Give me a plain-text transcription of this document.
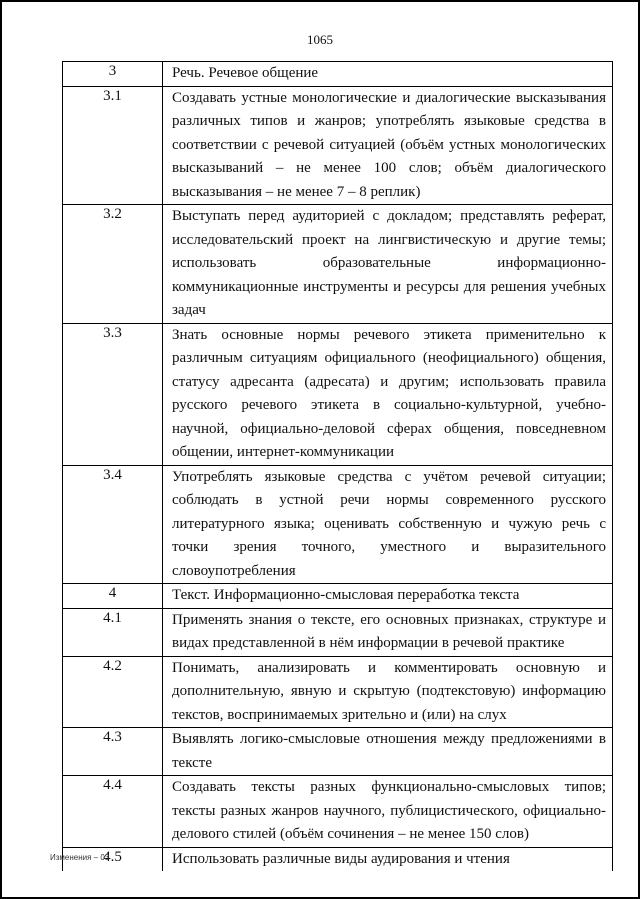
1065
3	Речь. Речевое общение
3.1	Создавать устные монологические и диалогические высказывания различных типов и жанров; употреблять языковые средства в соответствии с речевой ситуацией (объём устных монологических высказываний – не менее 100 слов; объём диалогического высказывания – не менее 7 – 8 реплик)
3.2	Выступать перед аудиторией с докладом; представлять реферат, исследовательский проект на лингвистическую и другие темы; использовать образовательные информационно-коммуникационные инструменты и ресурсы для решения учебных задач
3.3	Знать основные нормы речевого этикета применительно к различным ситуациям официального (неофициального) общения, статусу адресанта (адресата) и другим; использовать правила русского речевого этикета в социально-культурной, учебно-научной, официально-деловой сферах общения, повседневном общении, интернет-коммуникации
3.4	Употреблять языковые средства с учётом речевой ситуации; соблюдать в устной речи нормы современного русского литературного языка; оценивать собственную и чужую речь с точки зрения точного, уместного и выразительного словоупотребления
4	Текст. Информационно-смысловая переработка текста
4.1	Применять знания о тексте, его основных признаках, структуре и видах представленной в нём информации в речевой практике
4.2	Понимать, анализировать и комментировать основную и дополнительную, явную и скрытую (подтекстовую) информацию текстов, воспринимаемых зрительно и (или) на слух
4.3	Выявлять логико-смысловые отношения между предложениями в тексте
4.4	Создавать тексты разных функционально-смысловых типов; тексты разных жанров научного, публицистического, официально-делового стилей (объём сочинения – не менее 150 слов)
4.5	Использовать различные виды аудирования и чтения
Изменения – 03
